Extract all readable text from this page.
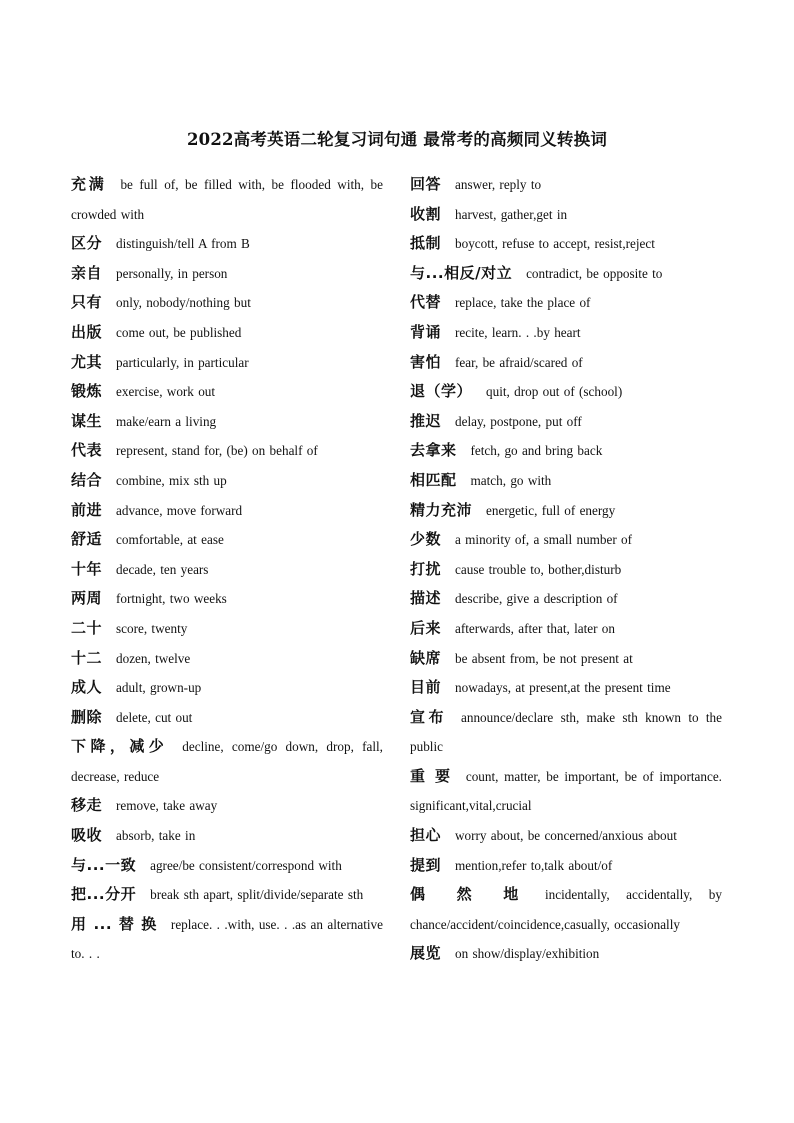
2022高考英语二轮复习词句通 最常考的高频同义转换词

充满 be full of, be filled with, be flooded with, be crowded with

区分 distinguish/tell A from B

亲自 personally, in person

只有 only, nobody/nothing but

出版 come out, be published

尤其 particularly, in particular

锻炼 exercise, work out

谋生 make/earn a living

代表 represent, stand for, (be) on behalf of

结合 combine, mix sth up

前进 advance, move forward

舒适 comfortable, at ease

十年 decade, ten years

两周 fortnight, two weeks

二十 score, twenty

十二 dozen, twelve

成人 adult, grown-up

删除 delete, cut out

下降，减少 decline, come/go down, drop, fall, decrease, reduce

移走 remove, take away

吸收 absorb, take in

与...一致 agree/be consistent/correspond with

把...分开 break sth apart, split/divide/separate sth

用 ... 替 换 replace. . .with, use. . .as an alternative to. . .

回答 answer, reply to

收割 harvest, gather,get in

抵制 boycott, refuse to accept, resist,reject

与...相反/对立 contradict, be opposite to

代替 replace, take the place of

背诵 recite, learn. . .by heart

害怕 fear, be afraid/scared of

退（学） quit, drop out of (school)

推迟 delay, postpone, put off

去拿来 fetch, go and bring back

相匹配 match, go with

精力充沛 energetic, full of energy

少数 a minority of, a small number of

打扰 cause trouble to, bother,disturb

描述 describe, give a description of

后来 afterwards, after that, later on

缺席 be absent from, be not present at

目前 nowadays, at present,at the present time

宣布 announce/declare sth, make sth known to the public

重 要 count, matter, be important, be of importance. significant,vital,crucial

担心 worry about, be concerned/anxious about

提到 mention,refer to,talk about/of

偶 然 地 incidentally, accidentally, by chance/accident/coincidence,casually, occasionally

展览 on show/display/exhibition
